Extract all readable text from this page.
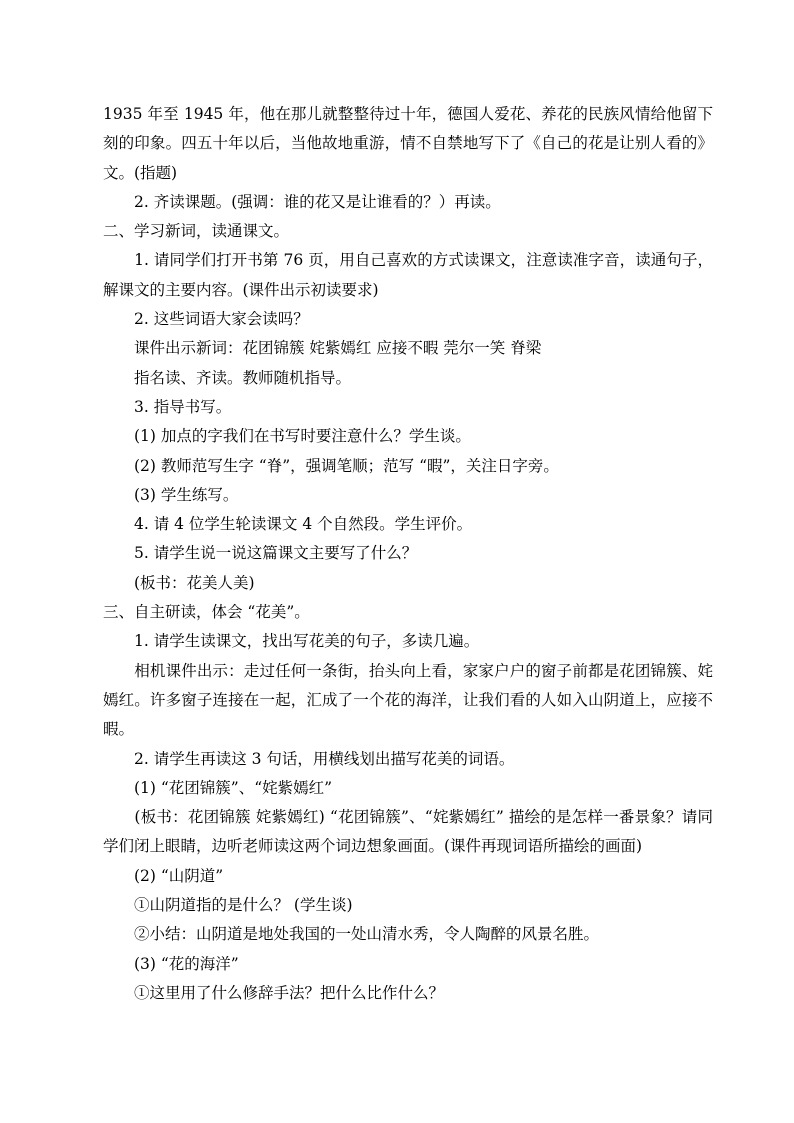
1935 年至 1945 年，他在那儿就整整待过十年，德国人爱花、养花的民族风情给他留下
刻的印象。四五十年以后，当他故地重游，情不自禁地写下了《自己的花是让别人看的》
文。(指题)
　　2. 齐读课题。(强调：谁的花又是让谁看的？）再读。
二、学习新词，读通课文。
　　1. 请同学们打开书第 76 页，用自己喜欢的方式读课文，注意读准字音，读通句子，
解课文的主要内容。(课件出示初读要求)
　　2. 这些词语大家会读吗？
　　课件出示新词：花团锦簇 姹紫嫣红 应接不暇 莞尔一笑 脊梁
　　指名读、齐读。教师随机指导。
　　3. 指导书写。
　　(1) 加点的字我们在书写时要注意什么？学生谈。
　　(2) 教师范写生字 “脊”，强调笔顺；范写 “暇”，关注日字旁。
　　(3) 学生练写。
　　4. 请 4 位学生轮读课文 4 个自然段。学生评价。
　　5. 请学生说一说这篇课文主要写了什么？
　　(板书：花美人美)
三、自主研读，体会 “花美”。
　　1. 请学生读课文，找出写花美的句子，多读几遍。
　　相机课件出示：走过任何一条街，抬头向上看，家家户户的窗子前都是花团锦簇、姹
嫣红。许多窗子连接在一起，汇成了一个花的海洋，让我们看的人如入山阴道上，应接不
暇。
　　2. 请学生再读这 3 句话，用横线划出描写花美的词语。
　　(1) “花团锦簇”、“姹紫嫣红”
　　(板书：花团锦簇 姹紫嫣红) “花团锦簇”、“姹紫嫣红” 描绘的是怎样一番景象？请同
学们闭上眼睛，边听老师读这两个词边想象画面。(课件再现词语所描绘的画面)
　　(2) “山阴道”
　　①山阴道指的是什么？ (学生谈)
　　②小结：山阴道是地处我国的一处山清水秀，令人陶醉的风景名胜。
　　(3) “花的海洋”
　　①这里用了什么修辞手法？把什么比作什么？
